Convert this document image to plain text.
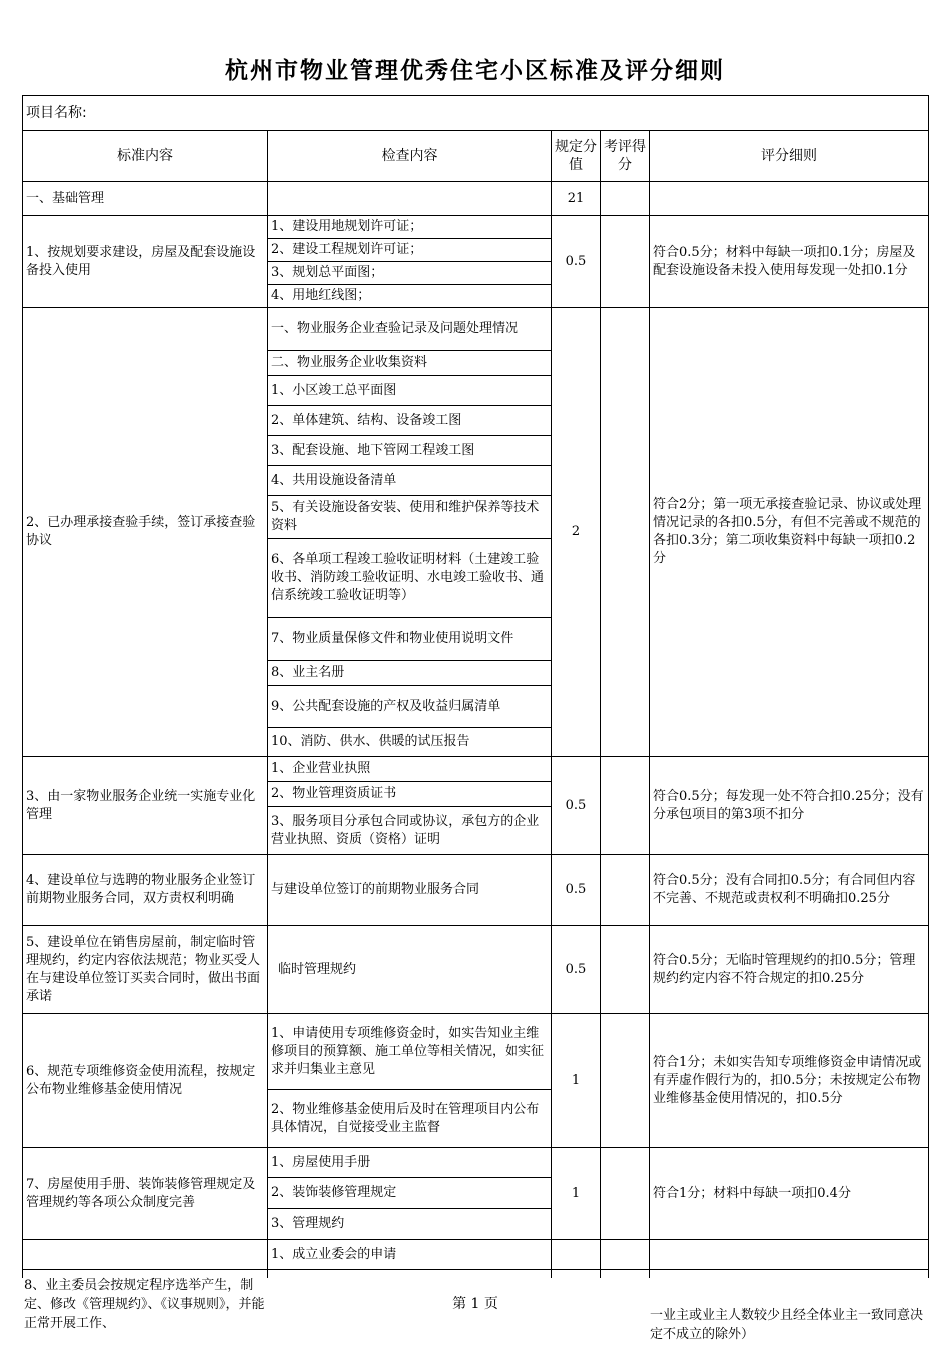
杭州市物业管理优秀住宅小区标准及评分细则
项目名称:				
标准内容	检查内容	规定分值	考评得分	评分细则
一、基础管理		21		
1、按规划要求建设，房屋及配套设施设备投入使用	1、建设用地规划许可证；	0.5		符合0.5分；材料中每缺一项扣0.1分；房屋及配套设施设备未投入使用每发现一处扣0.1分
	2、建设工程规划许可证；			
	3、规划总平面图；			
	4、用地红线图；			
2、已办理承接查验手续，签订承接查验协议	一、物业服务企业查验记录及问题处理情况	2		符合2分；第一项无承接查验记录、协议或处理情况记录的各扣0.5分，有但不完善或不规范的各扣0.3分；第二项收集资料中每缺一项扣0.2分
	二、物业服务企业收集资料			
	1、小区竣工总平面图			
	2、单体建筑、结构、设备竣工图			
	3、配套设施、地下管网工程竣工图			
	4、共用设施设备清单			
	5、有关设施设备安装、使用和维护保养等技术资料			
	6、各单项工程竣工验收证明材料（土建竣工验收书、消防竣工验收证明、水电竣工验收书、通信系统竣工验收证明等）			
	7、物业质量保修文件和物业使用说明文件			
	8、业主名册			
	9、公共配套设施的产权及收益归属清单			
	10、消防、供水、供暖的试压报告			
3、由一家物业服务企业统一实施专业化管理	1、企业营业执照	0.5		符合0.5分；每发现一处不符合扣0.25分；没有分承包项目的第3项不扣分
	2、物业管理资质证书			
	3、服务项目分承包合同或协议，承包方的企业营业执照、资质（资格）证明			
4、建设单位与选聘的物业服务企业签订前期物业服务合同，双方责权利明确	与建设单位签订的前期物业服务合同	0.5		符合0.5分；没有合同扣0.5分；有合同但内容不完善、不规范或责权利不明确扣0.25分
5、建设单位在销售房屋前，制定临时管理规约，约定内容依法规范；物业买受人在与建设单位签订买卖合同时，做出书面承诺	临时管理规约	0.5		符合0.5分；无临时管理规约的扣0.5分；管理规约约定内容不符合规定的扣0.25分
6、规范专项维修资金使用流程，按规定公布物业维修基金使用情况	1、申请使用专项维修资金时，如实告知业主维修项目的预算额、施工单位等相关情况，如实征求并归集业主意见	1		符合1分；未如实告知专项维修资金申请情况或有弄虚作假行为的，扣0.5分；未按规定公布物业维修基金使用情况的，扣0.5分
	2、物业维修基金使用后及时在管理项目内公布具体情况，自觉接受业主监督			
7、房屋使用手册、装饰装修管理规定及管理规约等各项公众制度完善	1、房屋使用手册	1		符合1分；材料中每缺一项扣0.4分
	2、装饰装修管理规定			
	3、管理规约			
	1、成立业委会的申请			

8、业主委员会按规定程序选举产生，制定、修改《管理规约》、《议事规则》，并能正常开展工作、
一业主或业主人数较少且经全体业主一致同意决定不成立的除外）
第 1 页
